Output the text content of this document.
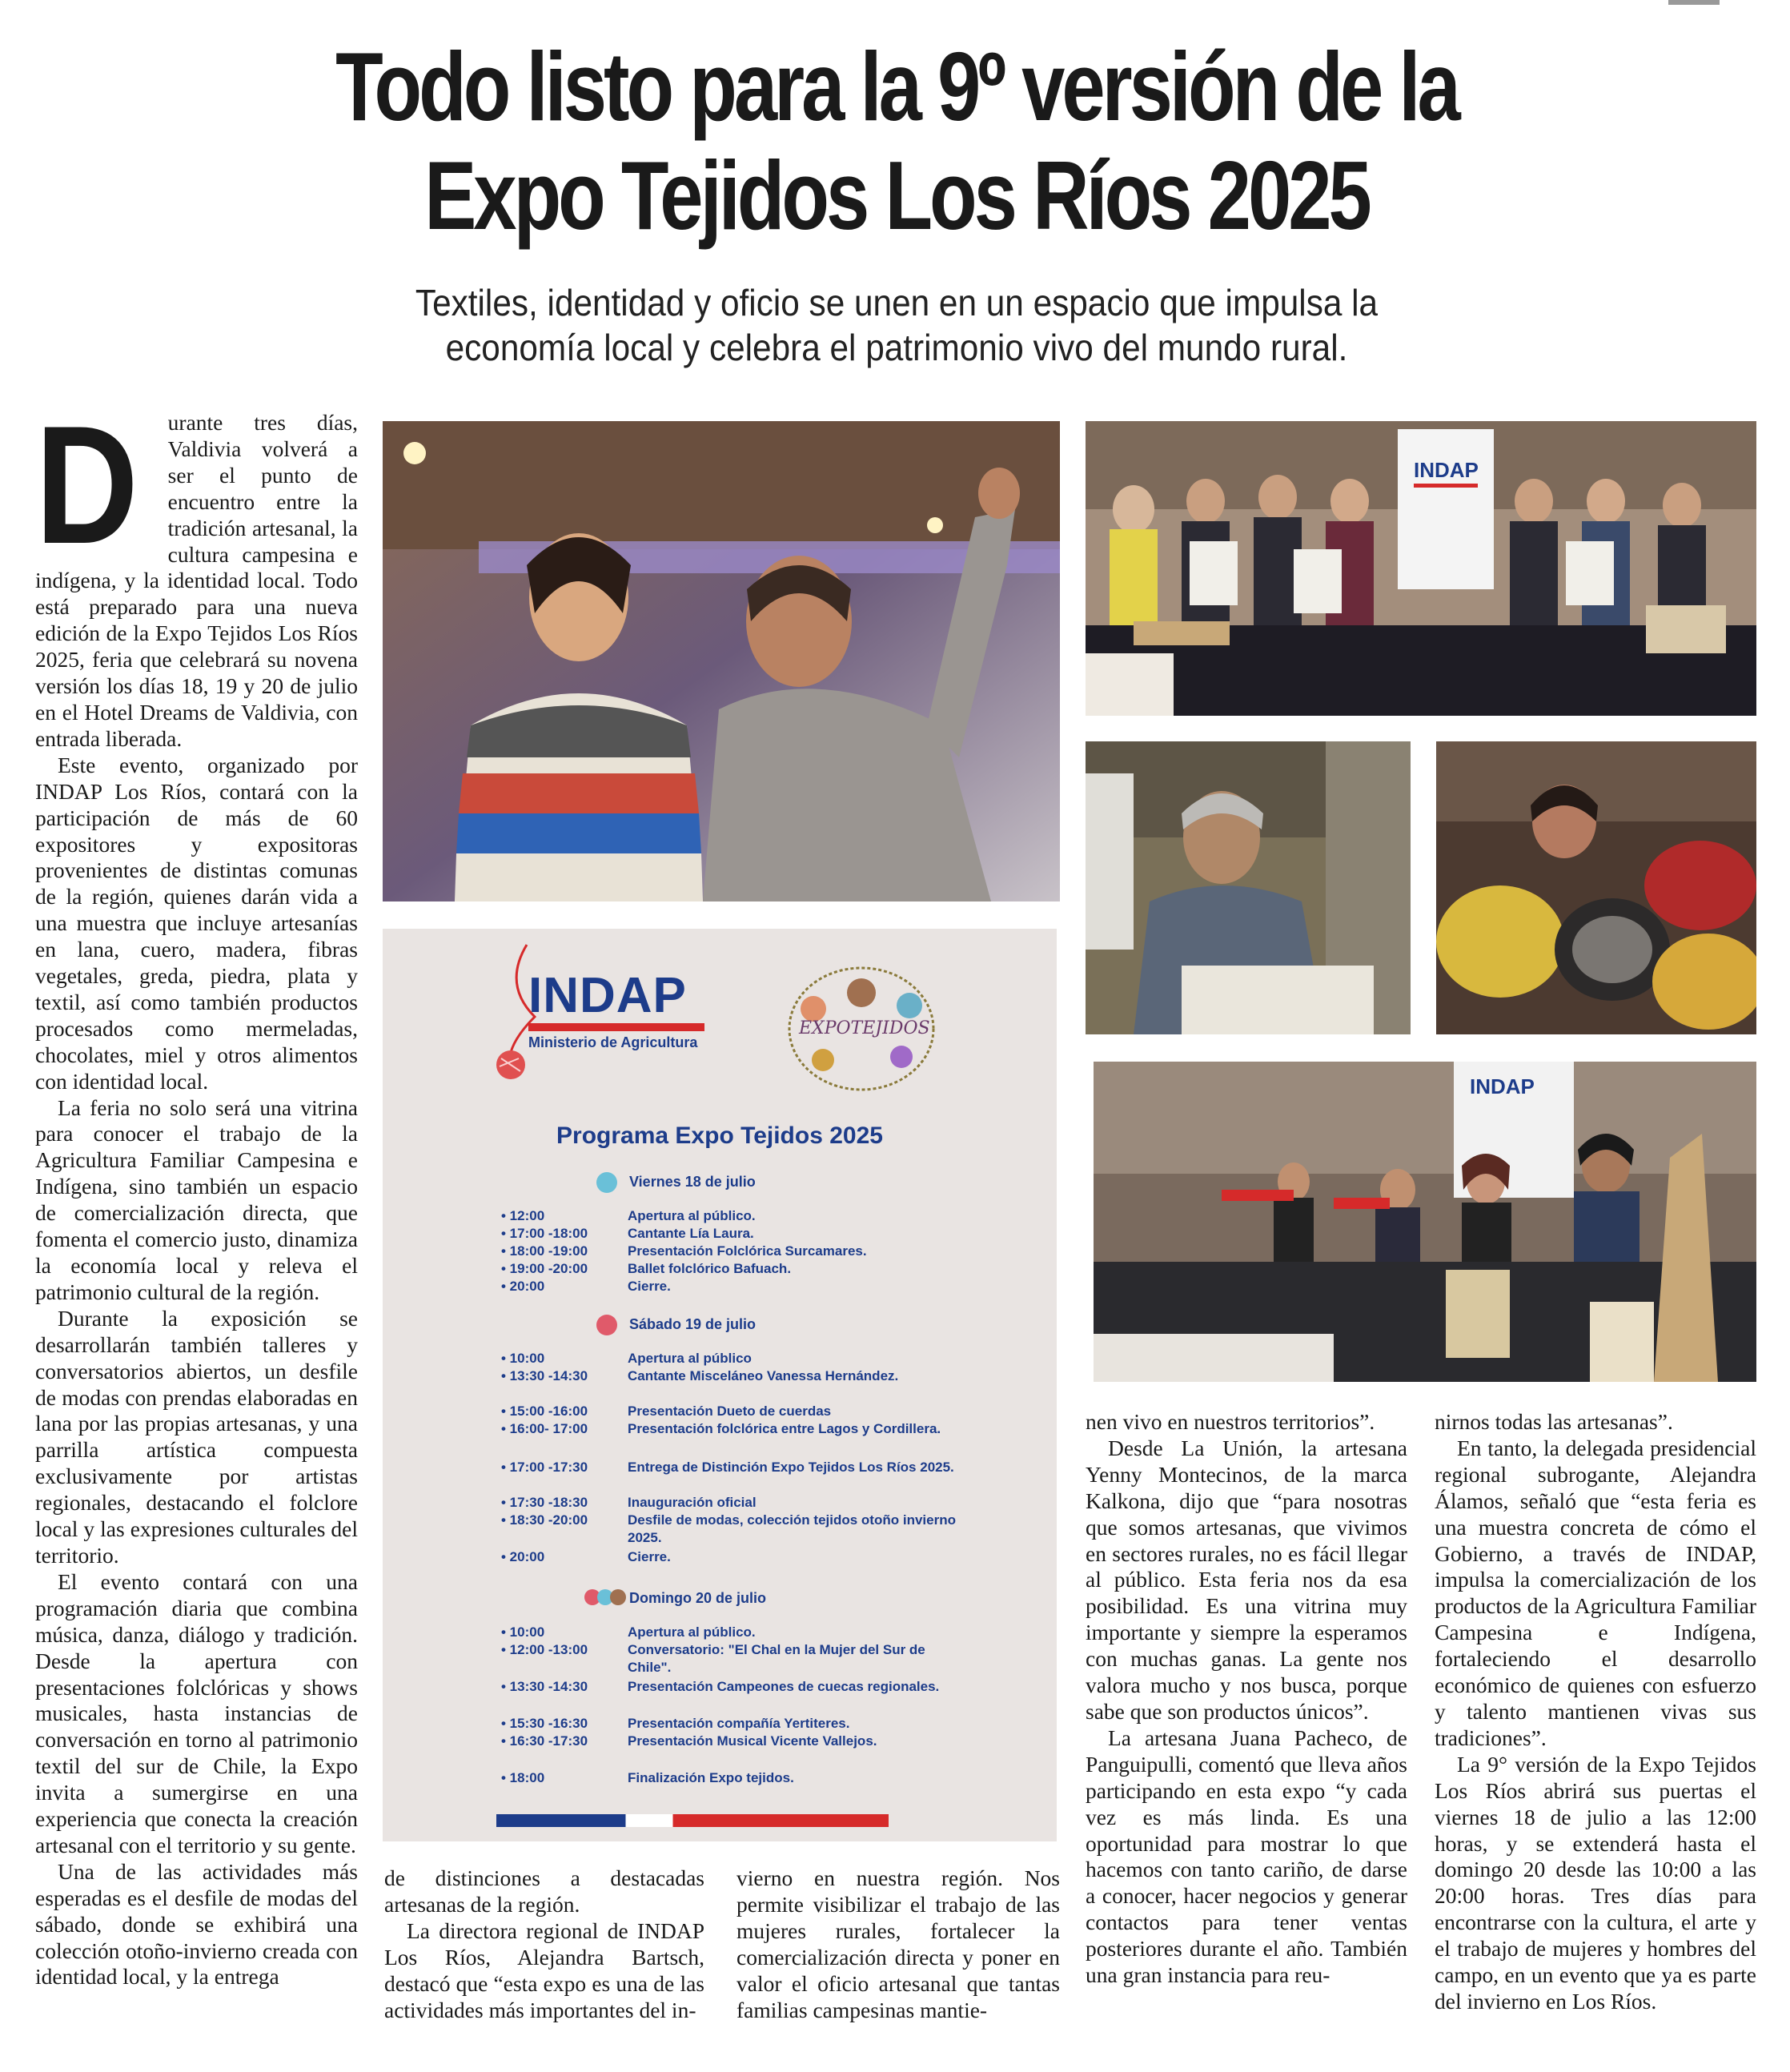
Todo listo para la 9º versión de la Expo Tejidos Los Ríos 2025

Textiles, identidad y oficio se unen en un espacio que impulsa la economía local y celebra el patrimonio vivo del mundo rural.

D	urante tres días, Valdivia volverá a ser el punto de encuentro entre la tradición artesanal, la cultura campesina e indígena, y la identidad local. Todo está preparado para una nueva edición de la Expo Tejidos Los Ríos 2025, feria que celebrará su novena versión los días 18, 19 y 20 de julio en el Hotel Dreams de Valdivia, con entrada liberada.

Este evento, organizado por INDAP Los Ríos, contará con la participación de más de 60 expositores y expositoras provenientes de distintas comunas de la región, quienes darán vida a una muestra que incluye artesanías en lana, cuero, madera, fibras vegetales, greda, piedra, plata y textil, así como también productos procesados como mermeladas, chocolates, miel y otros alimentos con identidad local.

La feria no solo será una vitrina para conocer el trabajo de la Agricultura Familiar Campesina e Indígena, sino también un espacio de comercialización directa, que fomenta el comercio justo, dinamiza la economía local y releva el patrimonio cultural de la región.

Durante la exposición se desarrollarán también talleres y conversatorios abiertos, un desfile de modas con prendas elaboradas en lana por las propias artesanas, y una parrilla artística compuesta exclusivamente por artistas regionales, destacando el folclore local y las expresiones culturales del territorio.

El evento contará con una programación diaria que combina música, danza, diálogo y tradición. Desde la apertura con presentaciones folclóricas y shows musicales, hasta instancias de conversación en torno al patrimonio textil del sur de Chile, la Expo invita a sumergirse en una experiencia que conecta la creación artesanal con el territorio y su gente.

Una de las actividades más esperadas es el desfile de modas del sábado, donde se exhibirá una colección otoño-invierno creada con identidad local, y la entrega

de distinciones a destacadas artesanas de la región.

La directora regional de INDAP Los Ríos, Alejandra Bartsch, destacó que “esta expo es una de las actividades más importantes del in-

vierno en nuestra región. Nos permite visibilizar el trabajo de las mujeres rurales, fortalecer la comercialización directa y poner en valor el oficio artesanal que tantas familias campesinas mantie-

nen vivo en nuestros territorios”.

Desde La Unión, la artesana Yenny Montecinos, de la marca Kalkona, dijo que “para nosotras que somos artesanas, que vivimos en sectores rurales, no es fácil llegar al público. Esta feria nos da esa posibilidad. Es una vitrina muy importante y siempre la esperamos con muchas ganas. La gente nos valora mucho y nos busca, porque sabe que son productos únicos”.

La artesana Juana Pacheco, de Panguipulli, comentó que lleva años participando en esta expo “y cada vez es más linda. Es una oportunidad para mostrar lo que hacemos con tanto cariño, de darse a conocer, hacer negocios y generar contactos para tener ventas posteriores durante el año. También una gran instancia para reu-

nirnos todas las artesanas”.

En tanto, la delegada presidencial regional subrogante, Alejandra Álamos, señaló que “esta feria es una muestra concreta de cómo el Gobierno, a través de INDAP, impulsa la comercialización de los productos de la Agricultura Familiar Campesina e Indígena, fortaleciendo el desarrollo económico de quienes con esfuerzo y talento mantienen vivas sus tradiciones”.

La 9° versión de la Expo Tejidos Los Ríos abrirá sus puertas el viernes 18 de julio a las 12:00 horas, y se extenderá hasta el domingo 20 desde las 10:00 a las 20:00 horas. Tres días para encontrarse con la cultura, el arte y el trabajo de mujeres y hombres del campo, en un evento que ya es parte del invierno en Los Ríos.

INDAP
INDAP
INDAP
Ministerio de Agricultura
EXPOTEJIDOS
Programa Expo Tejidos 2025
Viernes 18 de julio
• 12:00	Apertura al público.
• 17:00 -18:00	Cantante Lía Laura.
• 18:00 -19:00	Presentación Folclórica Surcamares.
• 19:00 -20:00	Ballet folclórico Bafuach.
• 20:00	Cierre.
Sábado 19 de julio
• 10:00	Apertura al público
• 13:30 -14:30	Cantante Misceláneo Vanessa Hernández.
• 15:00 -16:00	Presentación Dueto de cuerdas
• 16:00- 17:00	Presentación folclórica entre Lagos y Cordillera.
• 17:00 -17:30	Entrega de Distinción Expo Tejidos Los Ríos 2025.
• 17:30 -18:30	Inauguración oficial
• 18:30 -20:00	Desfile de modas, colección tejidos otoño invierno 2025.
• 20:00	Cierre.
Domingo 20 de julio
• 10:00	Apertura al público.
• 12:00 -13:00	Conversatorio: "El Chal en la Mujer del Sur de Chile".
• 13:30 -14:30	Presentación Campeones de cuecas regionales.
• 15:30 -16:30	Presentación compañía Yertiteres.
• 16:30 -17:30	Presentación Musical Vicente Vallejos.
• 18:00	Finalización Expo tejidos.
